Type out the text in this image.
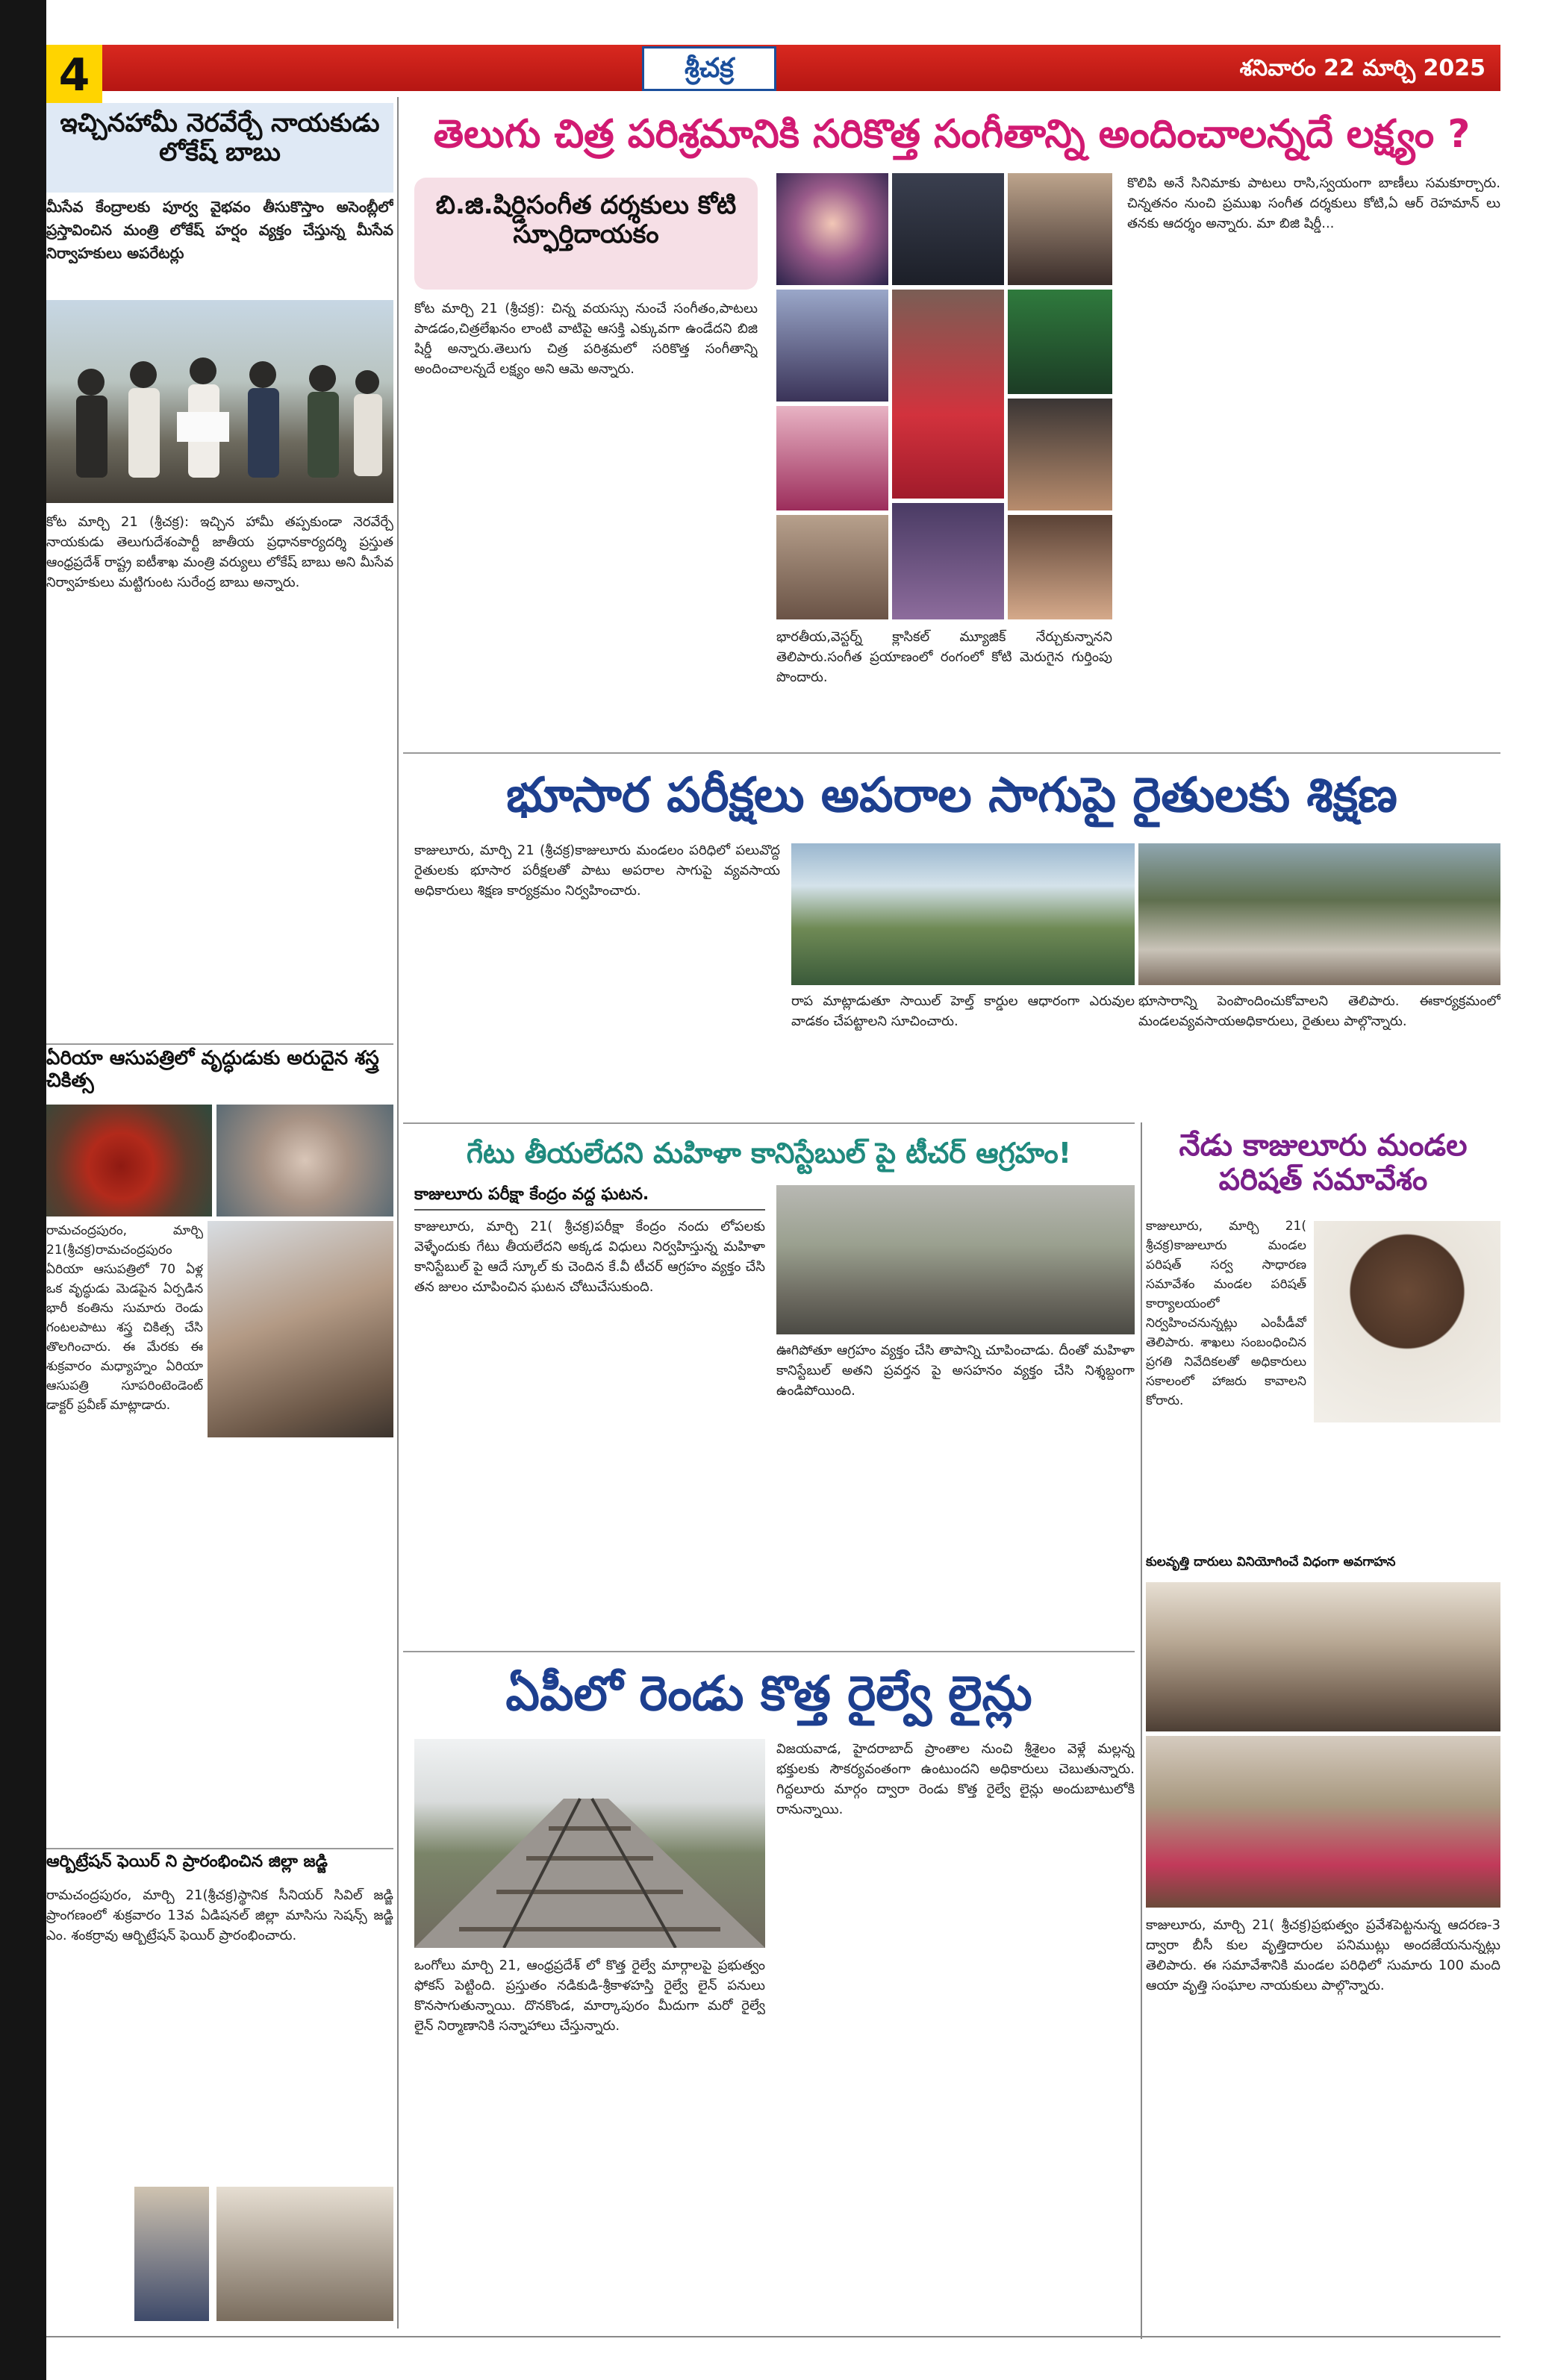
4	శ్రీచక్ర	శనివారం 22 మార్చి 2025
ఇచ్చినహామీ నెరవేర్చే నాయకుడు లోకేష్ బాబు
మీసేవ కేంద్రాలకు పూర్వ వైభవం తీసుకొస్తాం అసెంబ్లీలో ప్రస్తావించిన మంత్రి లోకేష్ హర్షం వ్యక్తం చేస్తున్న మీసేవ నిర్వాహకులు అపరేటర్లు
కోట మార్చి 21 (శ్రీచక్ర): ఇచ్చిన హామీ తప్పకుండా నెరవేర్చే నాయకుడు తెలుగుదేశంపార్టీ జాతీయ ప్రధానకార్యదర్శి ప్రస్తుత ఆంధ్రప్రదేశ్ రాష్ట్ర ఐటీశాఖ మంత్రి వర్యులు లోకేష్ బాబు అని మీసేవ నిర్వాహకులు మట్టిగుంట సురేంద్ర బాబు అన్నారు.
ఏరియా ఆసుపత్రిలో వృద్ధుడుకు అరుదైన శస్త్ర చికిత్స
రామచంద్రపురం, మార్చి 21(శ్రీచక్ర)రామచంద్రపురం ఏరియా ఆసుపత్రిలో 70 ఏళ్ల ఒక వృద్ధుడు మెడపైన ఏర్పడిన భారీ కంతిను సుమారు రెండు గంటలపాటు శస్త్ర చికిత్స చేసి తొలగించారు. ఈ మేరకు ఈ శుక్రవారం మధ్యాహ్నం ఏరియా ఆసుపత్రి సూపరింటెండెంట్ డాక్టర్ ప్రవీణ్ మాట్లాడారు.
ఆర్బిట్రేషన్ ఫెయిర్ ని ప్రారంభించిన జిల్లా జడ్జి
రామచంద్రపురం, మార్చి 21(శ్రీచక్ర)స్థానిక సీనియర్ సివిల్ జడ్జి ప్రాంగణంలో శుక్రవారం 13వ ఏడిషనల్ జిల్లా మాసిసు సెషన్స్ జడ్జి ఎం. శంకర్రావు ఆర్బిట్రేషన్ ఫెయిర్ ప్రారంభించారు.
తెలుగు చిత్ర పరిశ్రమానికి సరికొత్త సంగీతాన్ని అందించాలన్నదే లక్ష్యం ?
బి.జి.షిర్డిసంగీత దర్శకులు కోటి స్ఫూర్తిదాయకం
కోట మార్చి 21 (శ్రీచక్ర): చిన్న వయస్సు నుంచే సంగీతం,పాటలు పాడడం,చిత్రలేఖనం లాంటి వాటిపై ఆసక్తి ఎక్కువగా ఉండేదని బిజి షిర్డీ అన్నారు.తెలుగు చిత్ర పరిశ్రమలో సరికొత్త సంగీతాన్ని అందించాలన్నదే లక్ష్యం అని ఆమె అన్నారు.
భారతీయ,వెస్టర్న్ క్లాసికల్ మ్యూజిక్ నేర్చుకున్నానని తెలిపారు.సంగీత ప్రయాణంలో రంగంలో కోటి మెరుగైన గుర్తింపు పొందారు.
కొలిపి అనే సినిమాకు పాటలు రాసి,స్వయంగా బాణీలు సమకూర్చారు. చిన్నతనం నుంచి ప్రముఖ సంగీత దర్శకులు కోటి,ఏ ఆర్ రెహమాన్ లు తనకు ఆదర్శం అన్నారు. మా బిజి షిర్డీ...
భూసార పరీక్షలు అపరాల సాగుపై రైతులకు శిక్షణ
కాజులూరు, మార్చి 21 (శ్రీచక్ర)కాజులూరు మండలం పరిధిలో పలువొద్ద రైతులకు భూసార పరీక్షలతో పాటు అపరాల సాగుపై వ్యవసాయ అధికారులు శిక్షణ కార్యక్రమం నిర్వహించారు.
రాప మాట్లాడుతూ సాయిల్ హెల్త్ కార్డుల ఆధారంగా ఎరువుల వాడకం చేపట్టాలని సూచించారు.
భూసారాన్ని పెంపొందించుకోవాలని తెలిపారు. ఈకార్యక్రమంలో మండలవ్యవసాయఅధికారులు, రైతులు పాల్గొన్నారు.
గేటు తీయలేదని మహిళా కానిస్టేబుల్ పై టీచర్ ఆగ్రహం!
కాజులూరు పరీక్షా కేంద్రం వద్ద ఘటన.
కాజులూరు, మార్చి 21( శ్రీచక్ర)పరీక్షా కేంద్రం నందు లోపలకు వెళ్ళేందుకు గేటు తీయలేదని అక్కడ విధులు నిర్వహిస్తున్న మహిళా కానిస్టేబుల్ పై ఆదే స్కూల్ కు చెందిన కే.వీ టీచర్ ఆగ్రహం వ్యక్తం చేసి తన జులం చూపించిన ఘటన చోటుచేసుకుంది.
ఊగిపోతూ ఆగ్రహం వ్యక్తం చేసి తాపాన్ని చూపించాడు. దీంతో మహిళా కానిస్టేబుల్ అతని ప్రవర్తన పై అసహనం వ్యక్తం చేసి నిశ్శబ్దంగా ఉండిపోయింది.
నేడు కాజులూరు మండల పరిషత్ సమావేశం
కాజులూరు, మార్చి 21( శ్రీచక్ర)కాజులూరు మండల పరిషత్ సర్వ సాధారణ సమావేశం మండల పరిషత్ కార్యాలయంలో నిర్వహించనున్నట్లు ఎంపీడీవో తెలిపారు. శాఖలు సంబంధించిన ప్రగతి నివేదికలతో అధికారులు సకాలంలో హాజరు కావాలని కోరారు.
కులవృత్తి దారులు వినియోగించే విధంగా అవగాహన
కాజులూరు, మార్చి 21( శ్రీచక్ర)ప్రభుత్వం ప్రవేశపెట్టనున్న ఆదరణ-3 ద్వారా బీసీ కుల వృత్తిదారుల పనిముట్లు అందజేయనున్నట్లు తెలిపారు. ఈ సమావేశానికి మండల పరిధిలో సుమారు 100 మంది ఆయా వృత్తి సంఘాల నాయకులు పాల్గొన్నారు.
ఏపీలో రెండు కొత్త రైల్వే లైన్లు
ఒంగోలు మార్చి 21, ఆంధ్రప్రదేశ్ లో కొత్త రైల్వే మార్గాలపై ప్రభుత్వం ఫోకస్ పెట్టింది. ప్రస్తుతం నడికుడి-శ్రీకాళహస్తి రైల్వే లైన్ పనులు కొనసాగుతున్నాయి. దొనకొండ, మార్కాపురం మీదుగా మరో రైల్వే లైన్ నిర్మాణానికి సన్నాహాలు చేస్తున్నారు.
విజయవాడ, హైదరాబాద్ ప్రాంతాల నుంచి శ్రీశైలం వెళ్లే మల్లన్న భక్తులకు సౌకర్యవంతంగా ఉంటుందని అధికారులు చెబుతున్నారు. గిద్దలూరు మార్గం ద్వారా రెండు కొత్త రైల్వే లైన్లు అందుబాటులోకి రానున్నాయి.
